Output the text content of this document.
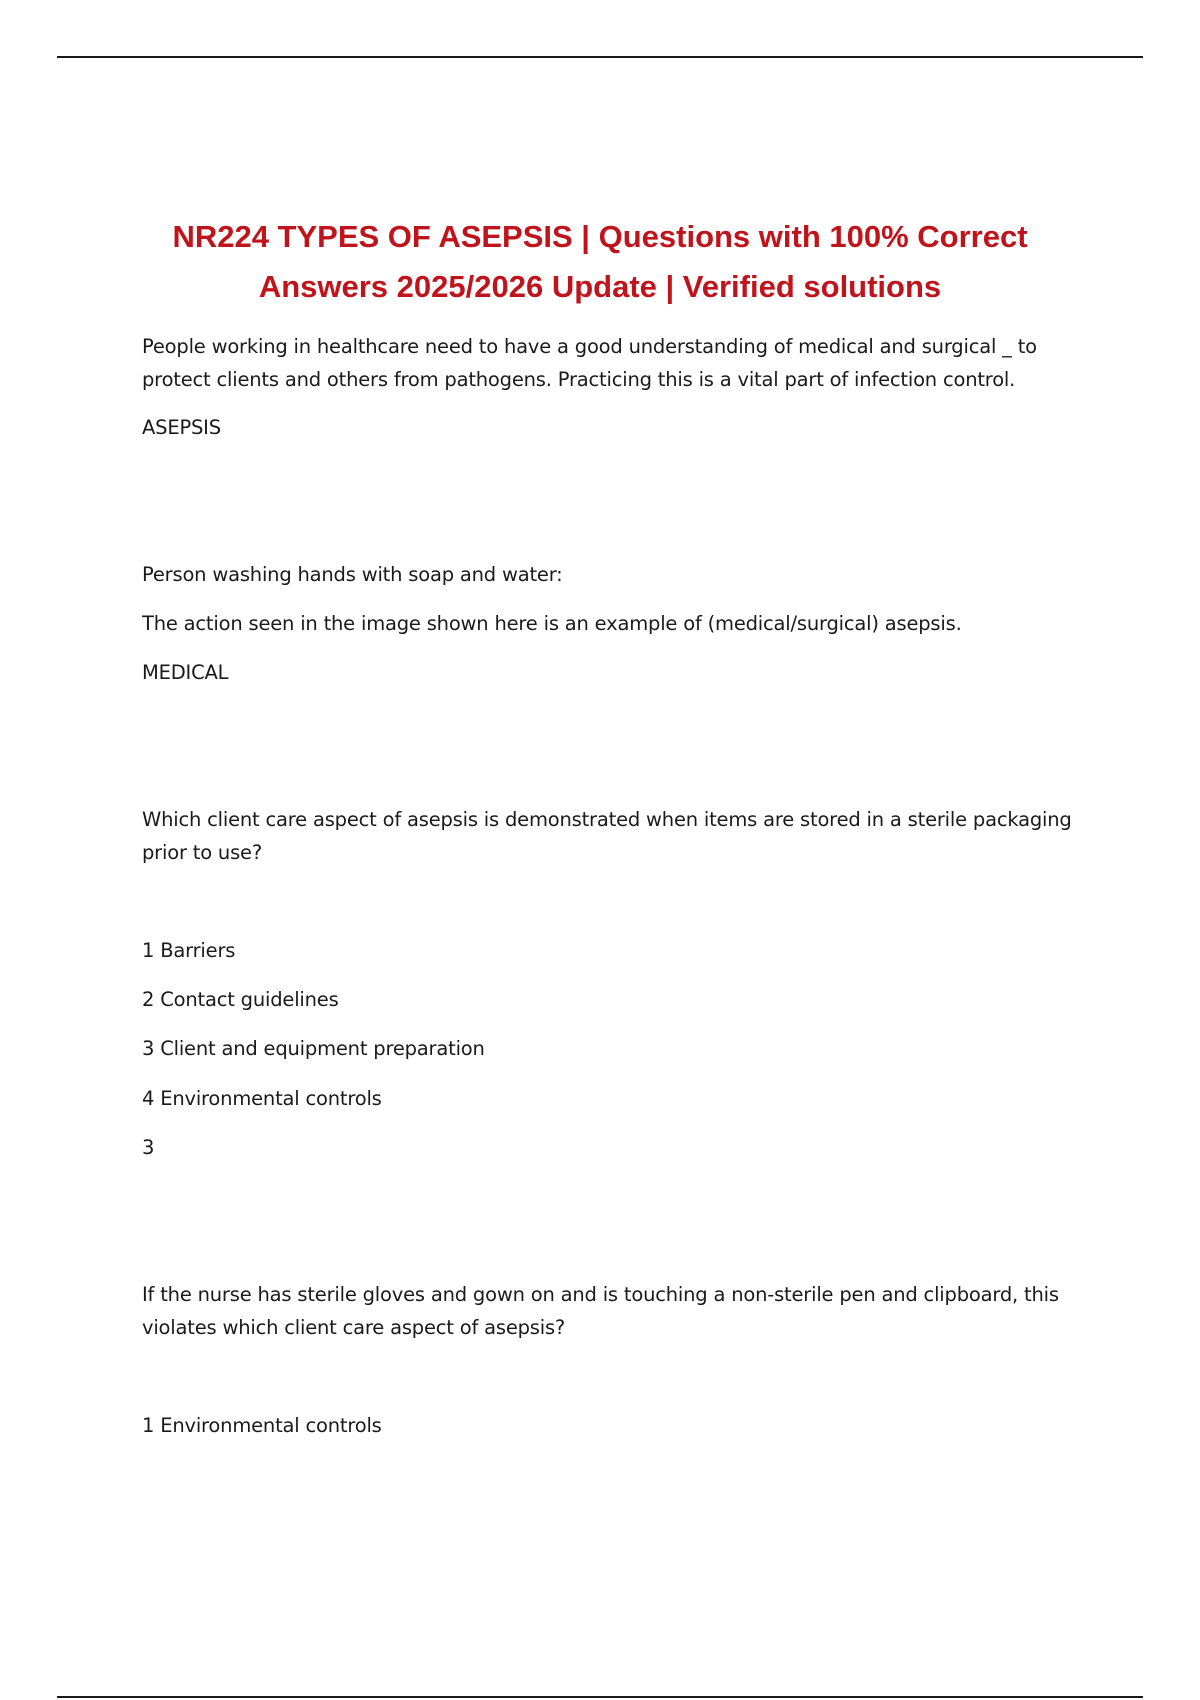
NR224 TYPES OF ASEPSIS | Questions with 100% Correct
Answers 2025/2026 Update | Verified solutions

People working in healthcare need to have a good understanding of medical and surgical _ to protect clients and others from pathogens. Practicing this is a vital part of infection control.

ASEPSIS

Person washing hands with soap and water:

The action seen in the image shown here is an example of (medical/surgical) asepsis.

MEDICAL

Which client care aspect of asepsis is demonstrated when items are stored in a sterile packaging prior to use?

1 Barriers

2 Contact guidelines

3 Client and equipment preparation

4 Environmental controls

3

If the nurse has sterile gloves and gown on and is touching a non-sterile pen and clipboard, this violates which client care aspect of asepsis?

1 Environmental controls
